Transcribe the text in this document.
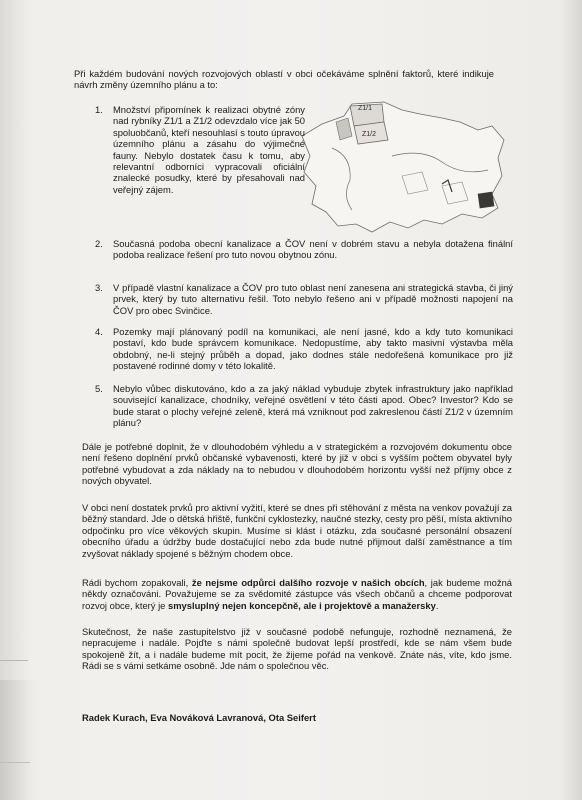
Při každém budování nových rozvojových oblastí v obci očekáváme splnění faktorů, které indikuje návrh změny územního plánu a to:

Z1/1
Z1/2
1.	Množství připomínek k realizaci obytné zóny nad rybníky Z1/1 a Z1/2 odevzdalo více jak 50 spoluobčanů, kteří nesouhlasí s touto úpravou územního plánu a zásahu do výjimečné fauny. Nebylo dostatek času k tomu, aby relevantní odborníci vypracovali oficiální znalecké posudky, které by přesahovali nad veřejný zájem.
2.	Současná podoba obecní kanalizace a ČOV není v dobrém stavu a nebyla dotažena finální podoba realizace řešení pro tuto novou obytnou zónu.
3.	V případě vlastní kanalizace a ČOV pro tuto oblast není zanesena ani strategická stavba, či jiný prvek, který by tuto alternativu řešil. Toto nebylo řešeno ani v případě možnosti napojení na ČOV pro obec Svinčice.
4.	Pozemky mají plánovaný podíl na komunikaci, ale není jasné, kdo a kdy tuto komunikaci postaví, kdo bude správcem komunikace. Nedopustíme, aby takto masivní výstavba měla obdobný, ne-li stejný průběh a dopad, jako dodnes stále nedořešená komunikace pro již postavené rodinné domy v této lokalitě.
5.	Nebylo vůbec diskutováno, kdo a za jaký náklad vybuduje zbytek infrastruktury jako například související kanalizace, chodníky, veřejné osvětlení v této části apod. Obec? Investor? Kdo se bude starat o plochy veřejné zeleně, která má vzniknout pod zakreslenou částí Z1/2 v územním plánu?

Dále je potřebné doplnit, že v dlouhodobém výhledu a v strategickém a rozvojovém dokumentu obce není řešeno doplnění prvků občanské vybavenosti, které by již v obci s vyšším počtem obyvatel byly potřebné vybudovat a zda náklady na to nebudou v dlouhodobém horizontu vyšší než příjmy obce z nových obyvatel.

V obci není dostatek prvků pro aktivní vyžití, které se dnes při stěhování z města na venkov považují za běžný standard. Jde o dětská hřiště, funkční cyklostezky, naučné stezky, cesty pro pěší, místa aktivního odpočinku pro více věkových skupin. Musíme si klást i otázku, zda současné personální obsazení obecního úřadu a údržby bude dostačující nebo zda bude nutné přijmout další zaměstnance a tím zvyšovat náklady spojené s běžným chodem obce.

Rádi bychom zopakovali, že nejsme odpůrci dalšího rozvoje v našich obcích, jak budeme možná někdy označováni. Považujeme se za svědomité zástupce vás všech občanů a chceme podporovat rozvoj obce, který je smysluplný nejen koncepčně, ale i projektově a manažersky.

Skutečnost, že naše zastupitelstvo již v současné podobě nefunguje, rozhodně neznamená, že nepracujeme i nadále. Pojďte s námi společně budovat lepší prostředí, kde se nám všem bude spokojeně žít, a i nadále budeme mít pocit, že žijeme pořád na venkově. Znáte nás, víte, kdo jsme. Rádi se s vámi setkáme osobně. Jde nám o společnou věc.

Radek Kurach, Eva Nováková Lavranová, Ota Seifert
